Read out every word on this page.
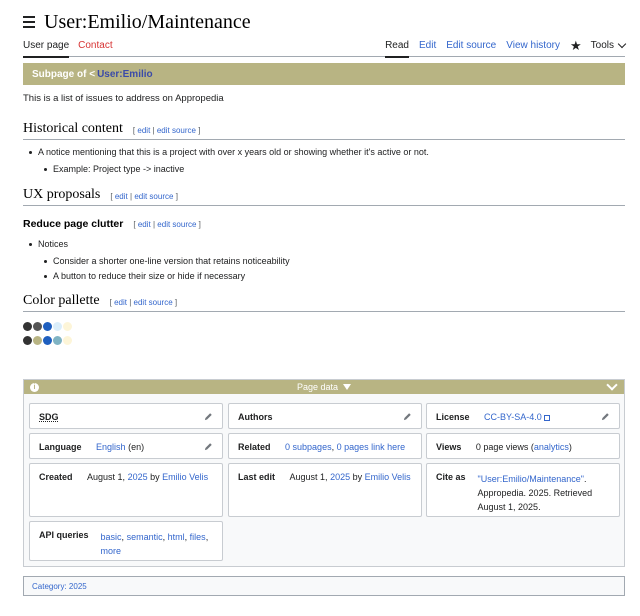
User:Emilio/Maintenance
User page Contact	Read Edit Edit source View history ★ Tools
Subpage of < User:Emilio
This is a list of issues to address on Appropedia
Historical content [ edit | edit source ]
A notice mentioning that this is a project with over x years old or showing whether it's active or not.
Example: Project type -> inactive
UX proposals [ edit | edit source ]
Reduce page clutter [ edit | edit source ]
Notices
Consider a shorter one-line version that retains noticeability
A button to reduce their size or hide if necessary
Color pallette [ edit | edit source ]
i	Page data
SDG	Authors	License CC-BY-SA-4.0
Language English (en)	Related 0 subpages, 0 pages link here	Views 0 page views (analytics)
Created August 1, 2025 by Emilio Velis	Last edit August 1, 2025 by Emilio Velis	Cite as "User:Emilio/Maintenance".
Appropedia. 2025. Retrieved
August 1, 2025.
API queries basic, semantic, html, files,
more
Category:
2025
